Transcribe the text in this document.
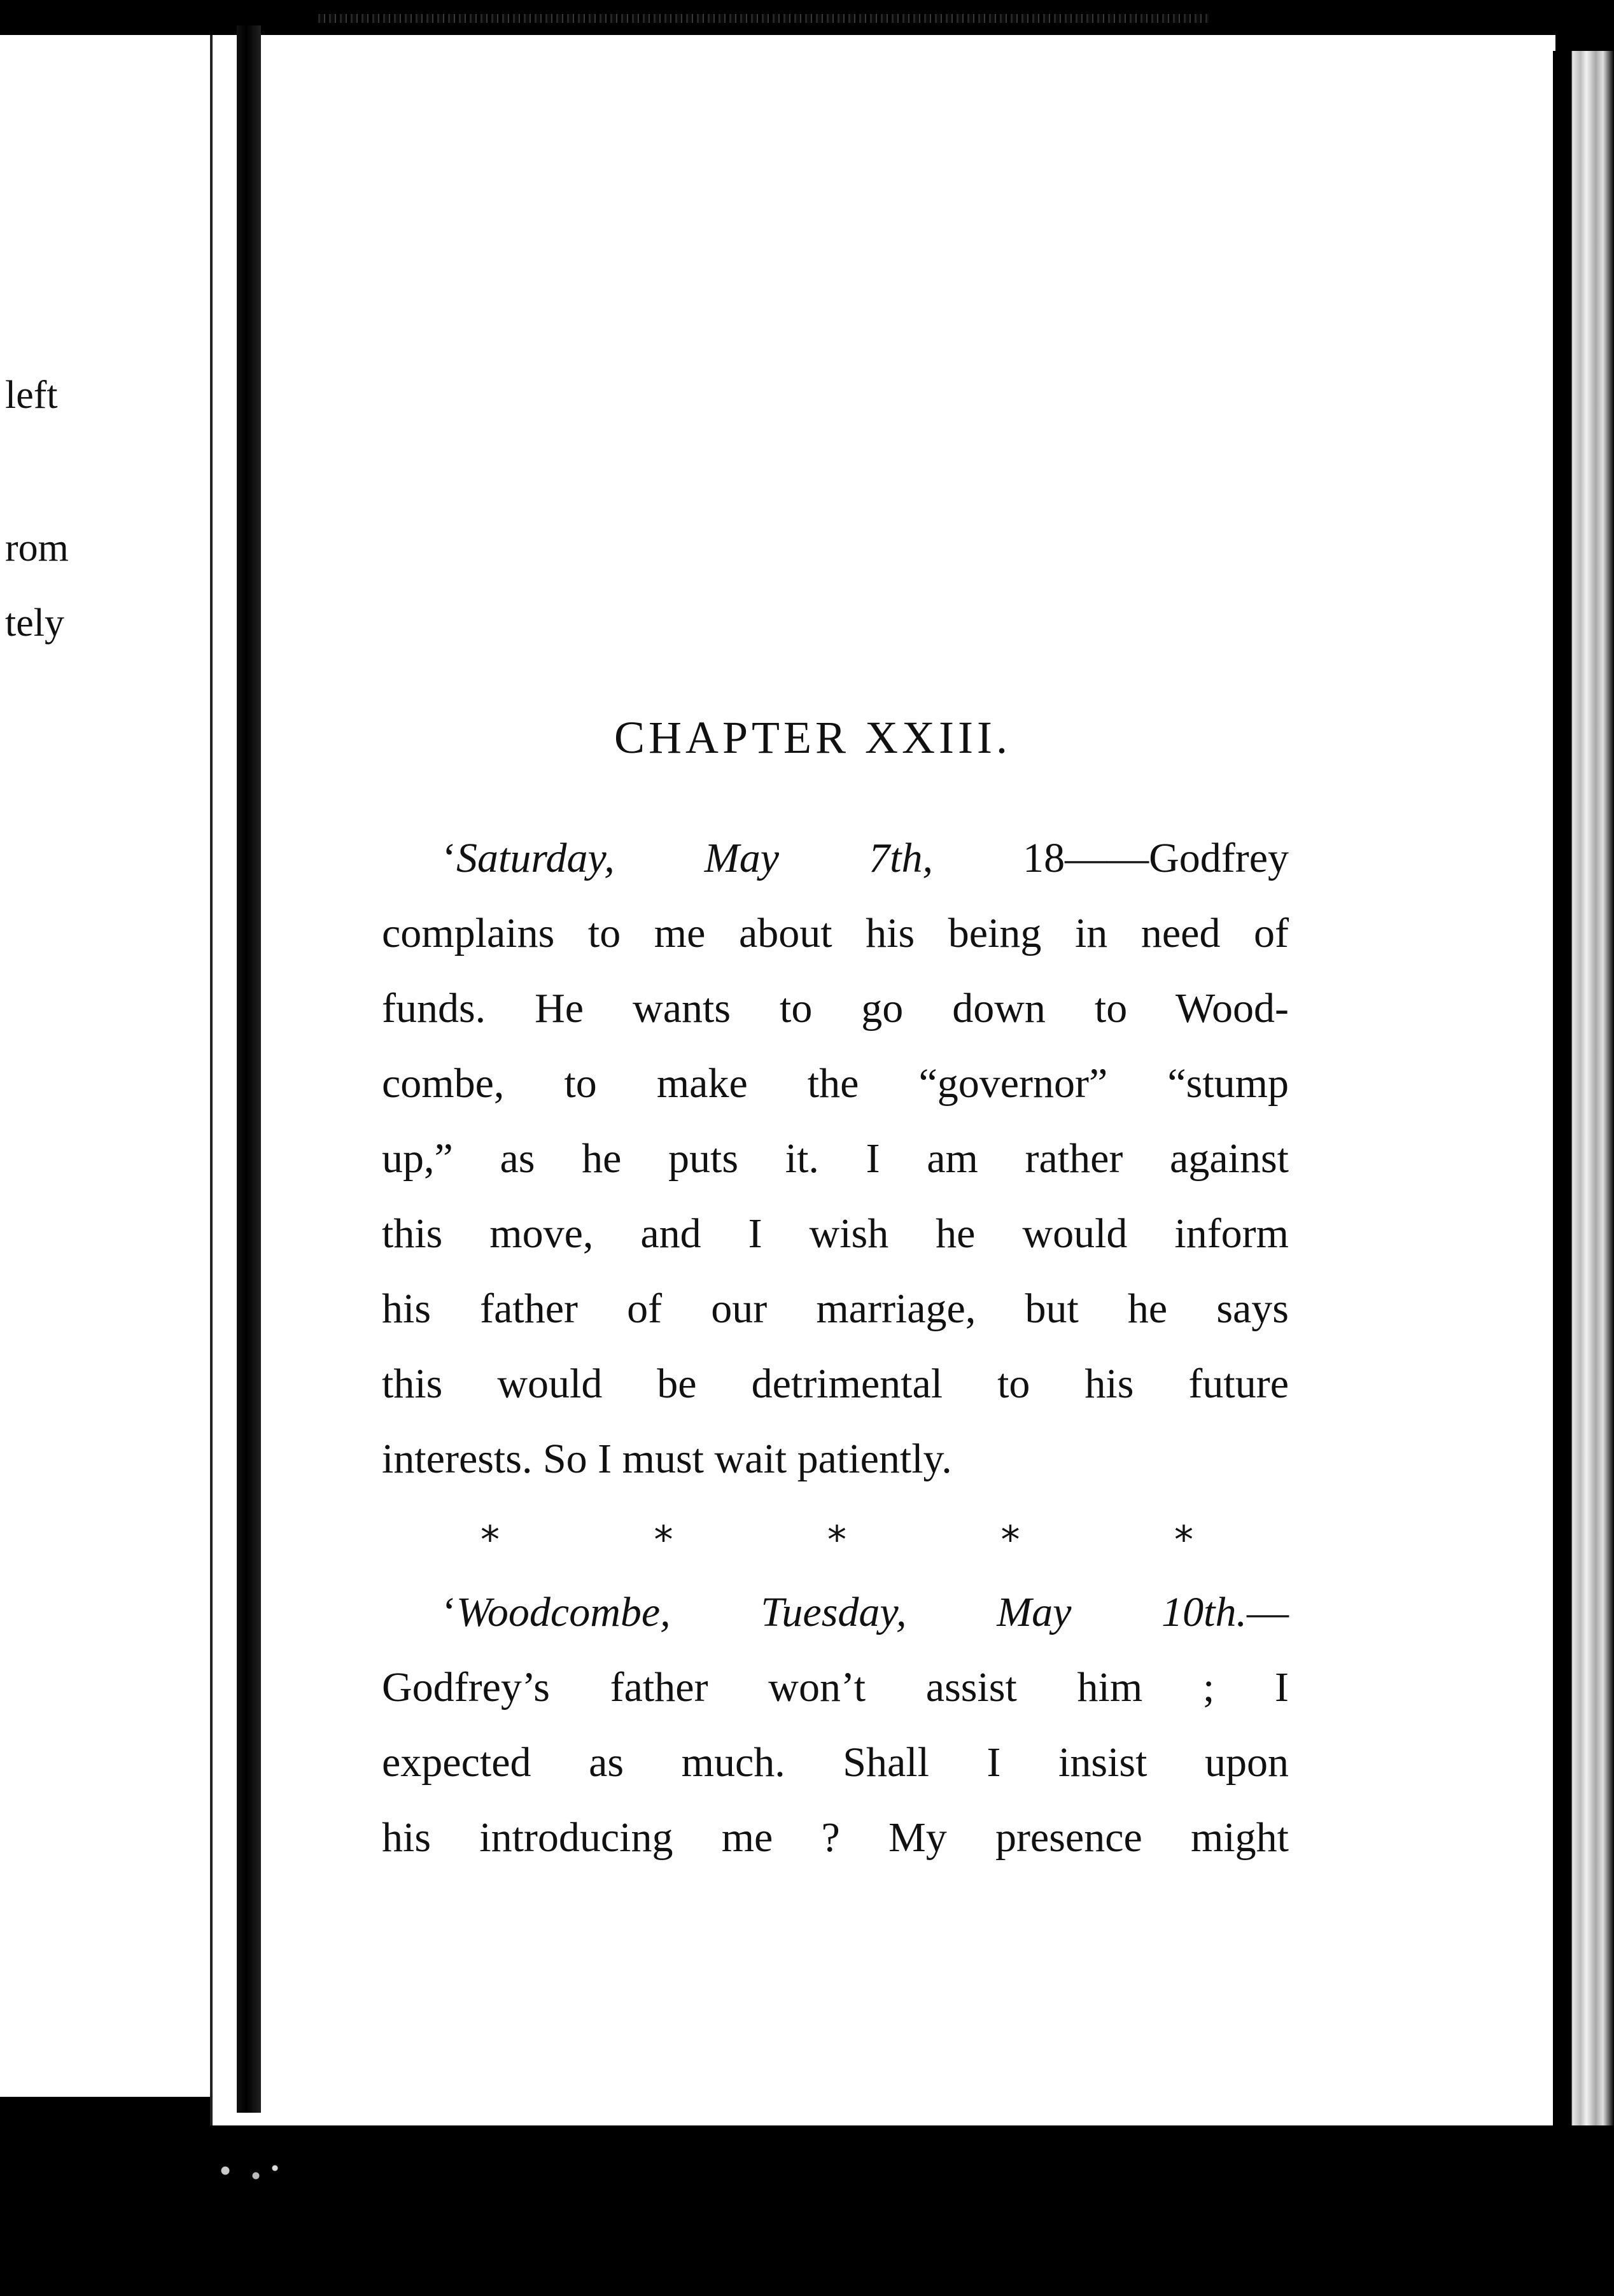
left
rom
tely
CHAPTER XXIII.
‘Saturday, May 7th, 18——Godfrey
complains to me about his being in need of
funds. He wants to go down to Wood-
combe, to make the “governor” “stump
up,” as he puts it. I am rather against
this move, and I wish he would inform
his father of our marriage, but he says
this would be detrimental to his future
interests. So I must wait patiently.
*	*	*	*	*
‘Woodcombe, Tuesday, May 10th.—
Godfrey’s father won’t assist him ; I
expected as much. Shall I insist upon
his introducing me ? My presence might
